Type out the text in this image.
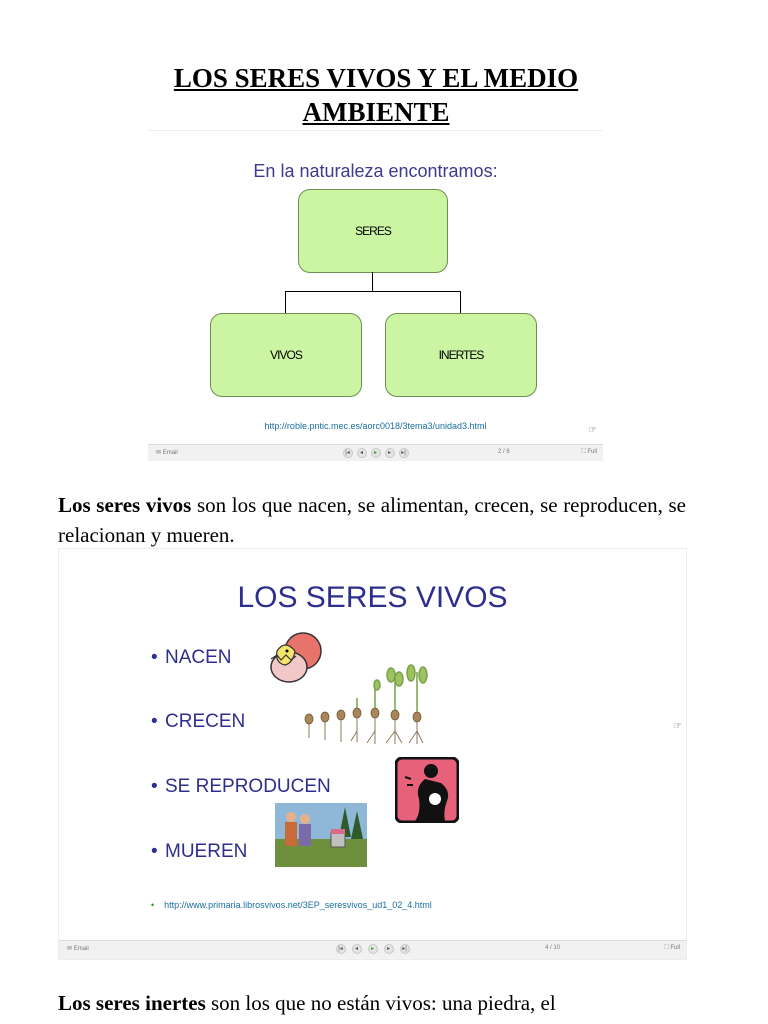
LOS SERES VIVOS Y EL MEDIO
AMBIENTE
En la naturaleza encontramos:
SERES
VIVOS	INERTES
http://roble.pntic.mec.es/aorc0018/3tema3/unidad3.html	☞
✉ Email	|◂	◂	▸	▸	▸|	2 / 6	⛶ Full
Los seres vivos son los que nacen, se alimentan, crecen, se reproducen, se relacionan y mueren.
LOS SERES VIVOS
• NACEN
• CRECEN
• SE REPRODUCEN
• MUEREN
• http://www.primaria.librosvivos.net/3EP_seresvivos_ud1_02_4.html
☞
✉ Email	|◂	◂	▸	▸	▸|	4 / 10	⛶ Full
Los seres inertes son los que no están vivos: una piedra, el
